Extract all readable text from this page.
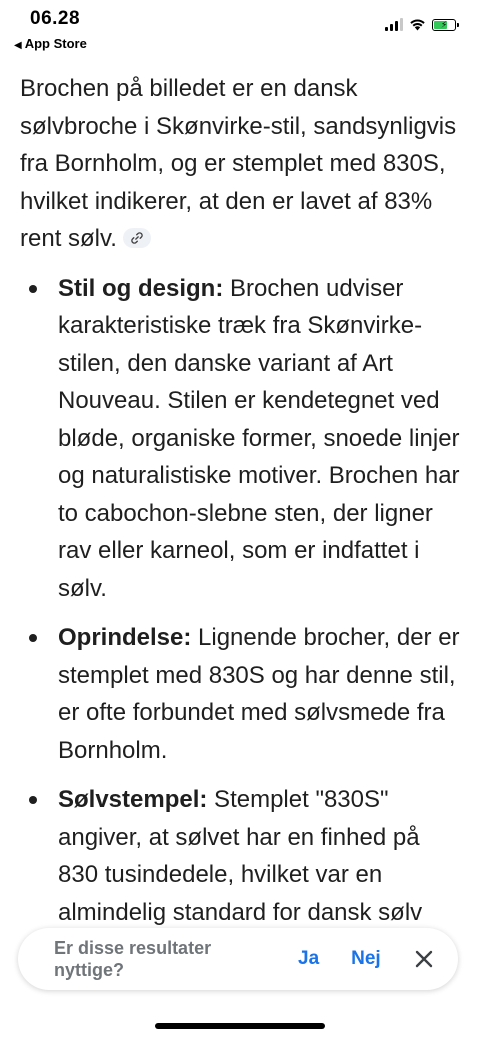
06.28
◀ App Store
⚡

Brochen på billedet er en dansk sølvbroche i Skønvirke-stil, sandsynligvis fra Bornholm, og er stemplet med 830S, hvilket indikerer, at den er lavet af 83% rent sølv.

Stil og design: Brochen udviser karakteristiske træk fra Skønvirke-stilen, den danske variant af Art Nouveau. Stilen er kendetegnet ved bløde, organiske former, snoede linjer og naturalistiske motiver. Brochen har to cabochon-slebne sten, der ligner rav eller karneol, som er indfattet i sølv.
Oprindelse: Lignende brocher, der er stemplet med 830S og har denne stil, er ofte forbundet med sølvsmede fra Bornholm.
Sølvstempel: Stemplet "830S" angiver, at sølvet har en finhed på 830 tusindedele, hvilket var en almindelig standard for dansk sølv
Er disse resultater nyttige?
Ja Nej
